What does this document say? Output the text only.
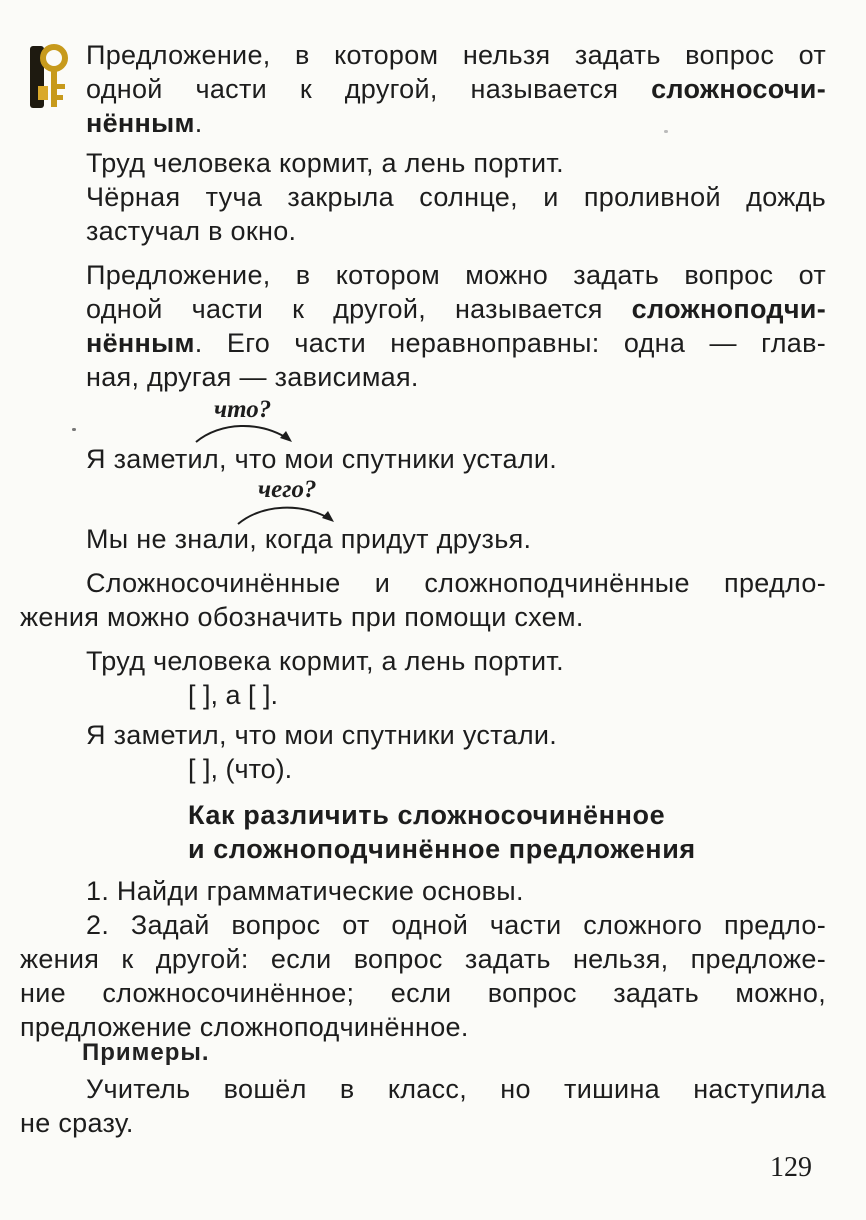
Предложение, в котором нельзя задать вопрос от
одной части к другой, называется сложносочи-
нённым.
Труд человека кормит, а лень портит.
Чёрная туча закрыла солнце, и проливной дождь
застучал в окно.
Предложение, в котором можно задать вопрос от
одной части к другой, называется сложноподчи-
нённым. Его части неравноправны: одна — глав-
ная, другая — зависимая.
что?
Я заметил, что мои спутники устали.
чего?
Мы не знали, когда придут друзья.
Сложносочинённые и сложноподчинённые предло-
жения можно обозначить при помощи схем.
Труд человека кормит, а лень портит.
[ ], а [ ].
Я заметил, что мои спутники устали.
[ ], (что).
Как различить сложносочинённое
и сложноподчинённое предложения
1. Найди грамматические основы.
2. Задай вопрос от одной части сложного предло-
жения к другой: если вопрос задать нельзя, предложе-
ние сложносочинённое; если вопрос задать можно,
предложение сложноподчинённое.
Примеры.
Учитель вошёл в класс, но тишина наступила
не сразу.
129
